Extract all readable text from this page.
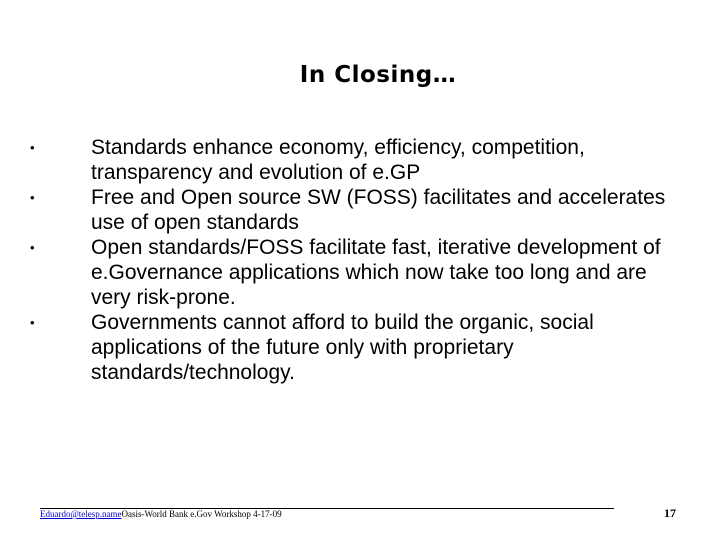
In Closing…
•	Standards enhance economy, efficiency, competition, transparency and evolution of e.GP
•	Free and Open source SW (FOSS) facilitates and accelerates use of open standards
•	Open standards/FOSS facilitate fast, iterative development of e.Governance applications which now take too long and are very risk-prone.
•	Governments cannot afford to build the organic, social applications of the future only with proprietary standards/technology.
Eduardo@telesp.nameOasis-World Bank e.Gov Workshop 4-17-09	17
